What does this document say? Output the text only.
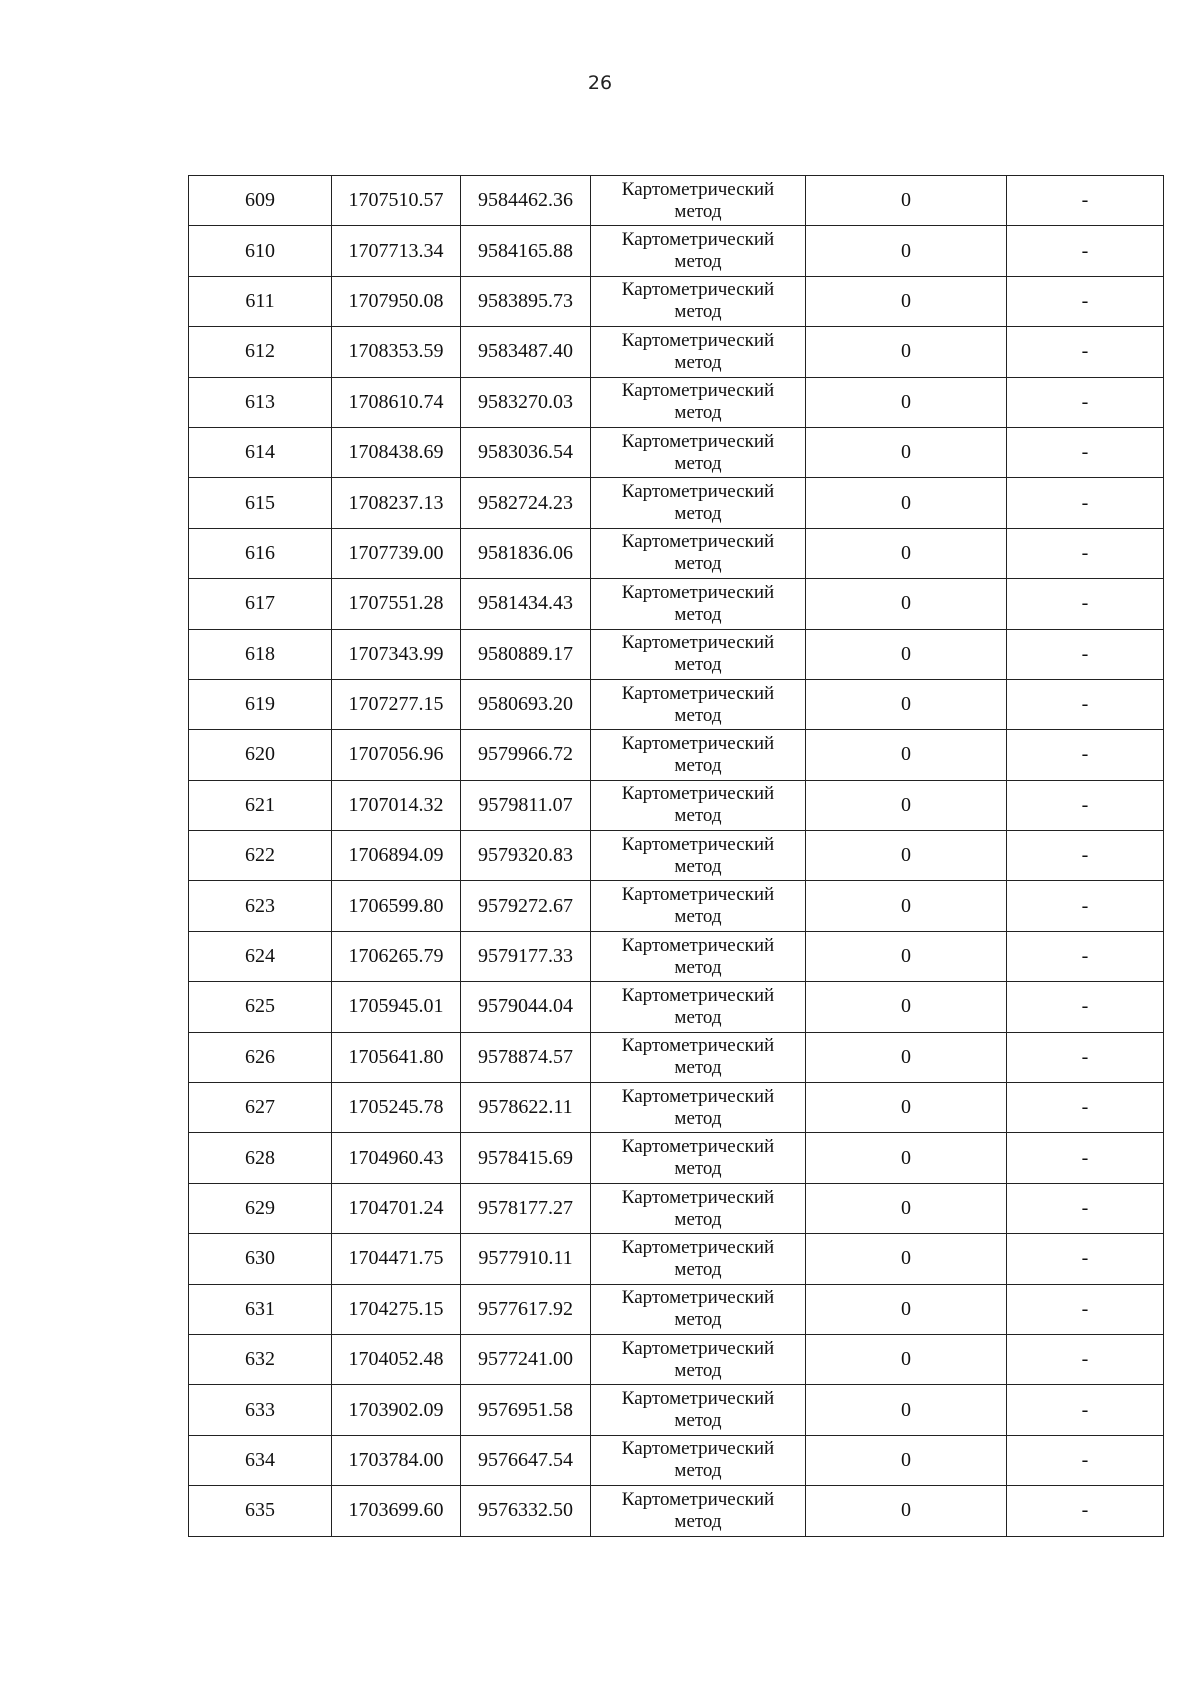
26
609	1707510.57	9584462.36	Картометрический
метод	0	-
610	1707713.34	9584165.88	Картометрический
метод	0	-
611	1707950.08	9583895.73	Картометрический
метод	0	-
612	1708353.59	9583487.40	Картометрический
метод	0	-
613	1708610.74	9583270.03	Картометрический
метод	0	-
614	1708438.69	9583036.54	Картометрический
метод	0	-
615	1708237.13	9582724.23	Картометрический
метод	0	-
616	1707739.00	9581836.06	Картометрический
метод	0	-
617	1707551.28	9581434.43	Картометрический
метод	0	-
618	1707343.99	9580889.17	Картометрический
метод	0	-
619	1707277.15	9580693.20	Картометрический
метод	0	-
620	1707056.96	9579966.72	Картометрический
метод	0	-
621	1707014.32	9579811.07	Картометрический
метод	0	-
622	1706894.09	9579320.83	Картометрический
метод	0	-
623	1706599.80	9579272.67	Картометрический
метод	0	-
624	1706265.79	9579177.33	Картометрический
метод	0	-
625	1705945.01	9579044.04	Картометрический
метод	0	-
626	1705641.80	9578874.57	Картометрический
метод	0	-
627	1705245.78	9578622.11	Картометрический
метод	0	-
628	1704960.43	9578415.69	Картометрический
метод	0	-
629	1704701.24	9578177.27	Картометрический
метод	0	-
630	1704471.75	9577910.11	Картометрический
метод	0	-
631	1704275.15	9577617.92	Картометрический
метод	0	-
632	1704052.48	9577241.00	Картометрический
метод	0	-
633	1703902.09	9576951.58	Картометрический
метод	0	-
634	1703784.00	9576647.54	Картометрический
метод	0	-
635	1703699.60	9576332.50	Картометрический
метод	0	-
